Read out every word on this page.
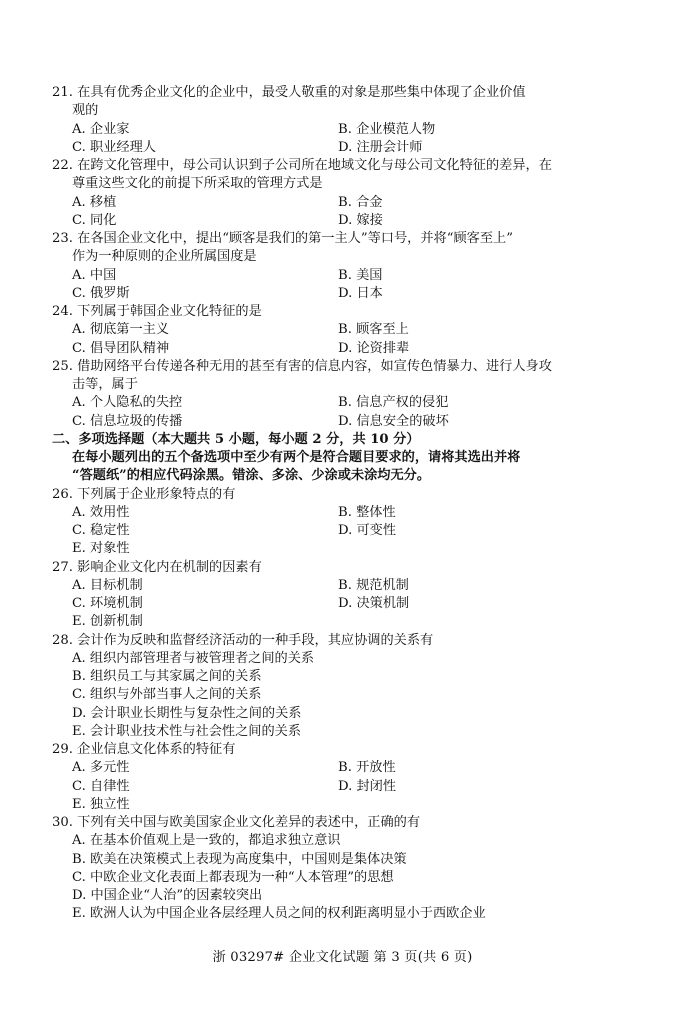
21. 在具有优秀企业文化的企业中，最受人敬重的对象是那些集中体现了企业价值
观的
A. 企业家	B. 企业模范人物
C. 职业经理人	D. 注册会计师
22. 在跨文化管理中，母公司认识到子公司所在地域文化与母公司文化特征的差异，在
尊重这些文化的前提下所采取的管理方式是
A. 移植	B. 合金
C. 同化	D. 嫁接
23. 在各国企业文化中，提出“顾客是我们的第一主人”等口号，并将“顾客至上”
作为一种原则的企业所属国度是
A. 中国	B. 美国
C. 俄罗斯	D. 日本
24. 下列属于韩国企业文化特征的是
A. 彻底第一主义	B. 顾客至上
C. 倡导团队精神	D. 论资排辈
25. 借助网络平台传递各种无用的甚至有害的信息内容，如宣传色情暴力、进行人身攻
击等，属于
A. 个人隐私的失控	B. 信息产权的侵犯
C. 信息垃圾的传播	D. 信息安全的破坏
二、多项选择题（本大题共 5 小题，每小题 2 分，共 10 分）
在每小题列出的五个备选项中至少有两个是符合题目要求的，请将其选出并将
“答题纸”的相应代码涂黑。错涂、多涂、少涂或未涂均无分。
26. 下列属于企业形象特点的有
A. 效用性	B. 整体性
C. 稳定性	D. 可变性
E. 对象性
27. 影响企业文化内在机制的因素有
A. 目标机制	B. 规范机制
C. 环境机制	D. 决策机制
E. 创新机制
28. 会计作为反映和监督经济活动的一种手段，其应协调的关系有
A. 组织内部管理者与被管理者之间的关系
B. 组织员工与其家属之间的关系
C. 组织与外部当事人之间的关系
D. 会计职业长期性与复杂性之间的关系
E. 会计职业技术性与社会性之间的关系
29. 企业信息文化体系的特征有
A. 多元性	B. 开放性
C. 自律性	D. 封闭性
E. 独立性
30. 下列有关中国与欧美国家企业文化差异的表述中，正确的有
A. 在基本价值观上是一致的，都追求独立意识
B. 欧美在决策模式上表现为高度集中，中国则是集体决策
C. 中欧企业文化表面上都表现为一种“人本管理”的思想
D. 中国企业“人治”的因素较突出
E. 欧洲人认为中国企业各层经理人员之间的权利距离明显小于西欧企业
浙 03297# 企业文化试题 第 3 页(共 6 页)
